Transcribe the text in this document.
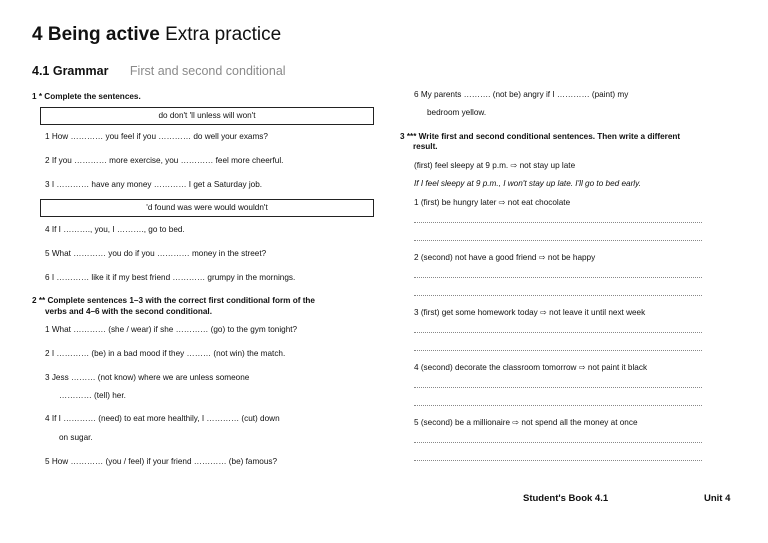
4 Being active Extra practice
4.1 Grammar First and second conditional
1 * Complete the sentences.
do don't 'll unless will won't
1 How ………… you feel if you ………… do well your exams?
2 If you ………… more exercise, you ………… feel more cheerful.
3 I ………… have any money ………… I get a Saturday job.
'd found was were would wouldn't
4 If I ………., you, I ………., go to bed.
5 What ………… you do if you ………… money in the street?
6 I ………… like it if my best friend ………… grumpy in the mornings.
2 ** Complete sentences 1–3 with the correct first conditional form of the
verbs and 4–6 with the second conditional.
1 What ………… (she / wear) if she ………… (go) to the gym tonight?
2 I ………… (be) in a bad mood if they ……… (not win) the match.
3 Jess ……… (not know) where we are unless someone
………… (tell) her.
4 If I ………… (need) to eat more healthily, I ………… (cut) down
on sugar.
5 How ………… (you / feel) if your friend ………… (be) famous?
6 My parents ………. (not be) angry if I ………… (paint) my
bedroom yellow.
3 *** Write first and second conditional sentences. Then write a different
result.
(first) feel sleepy at 9 p.m. ⇨ not stay up late
If I feel sleepy at 9 p.m., I won't stay up late. I'll go to bed early.
1 (first) be hungry later ⇨ not eat chocolate
2 (second) not have a good friend ⇨ not be happy
3 (first) get some homework today ⇨ not leave it until next week
4 (second) decorate the classroom tomorrow ⇨ not paint it black
5 (second) be a millionaire ⇨ not spend all the money at once
Student's Book 4.1	Unit 4
